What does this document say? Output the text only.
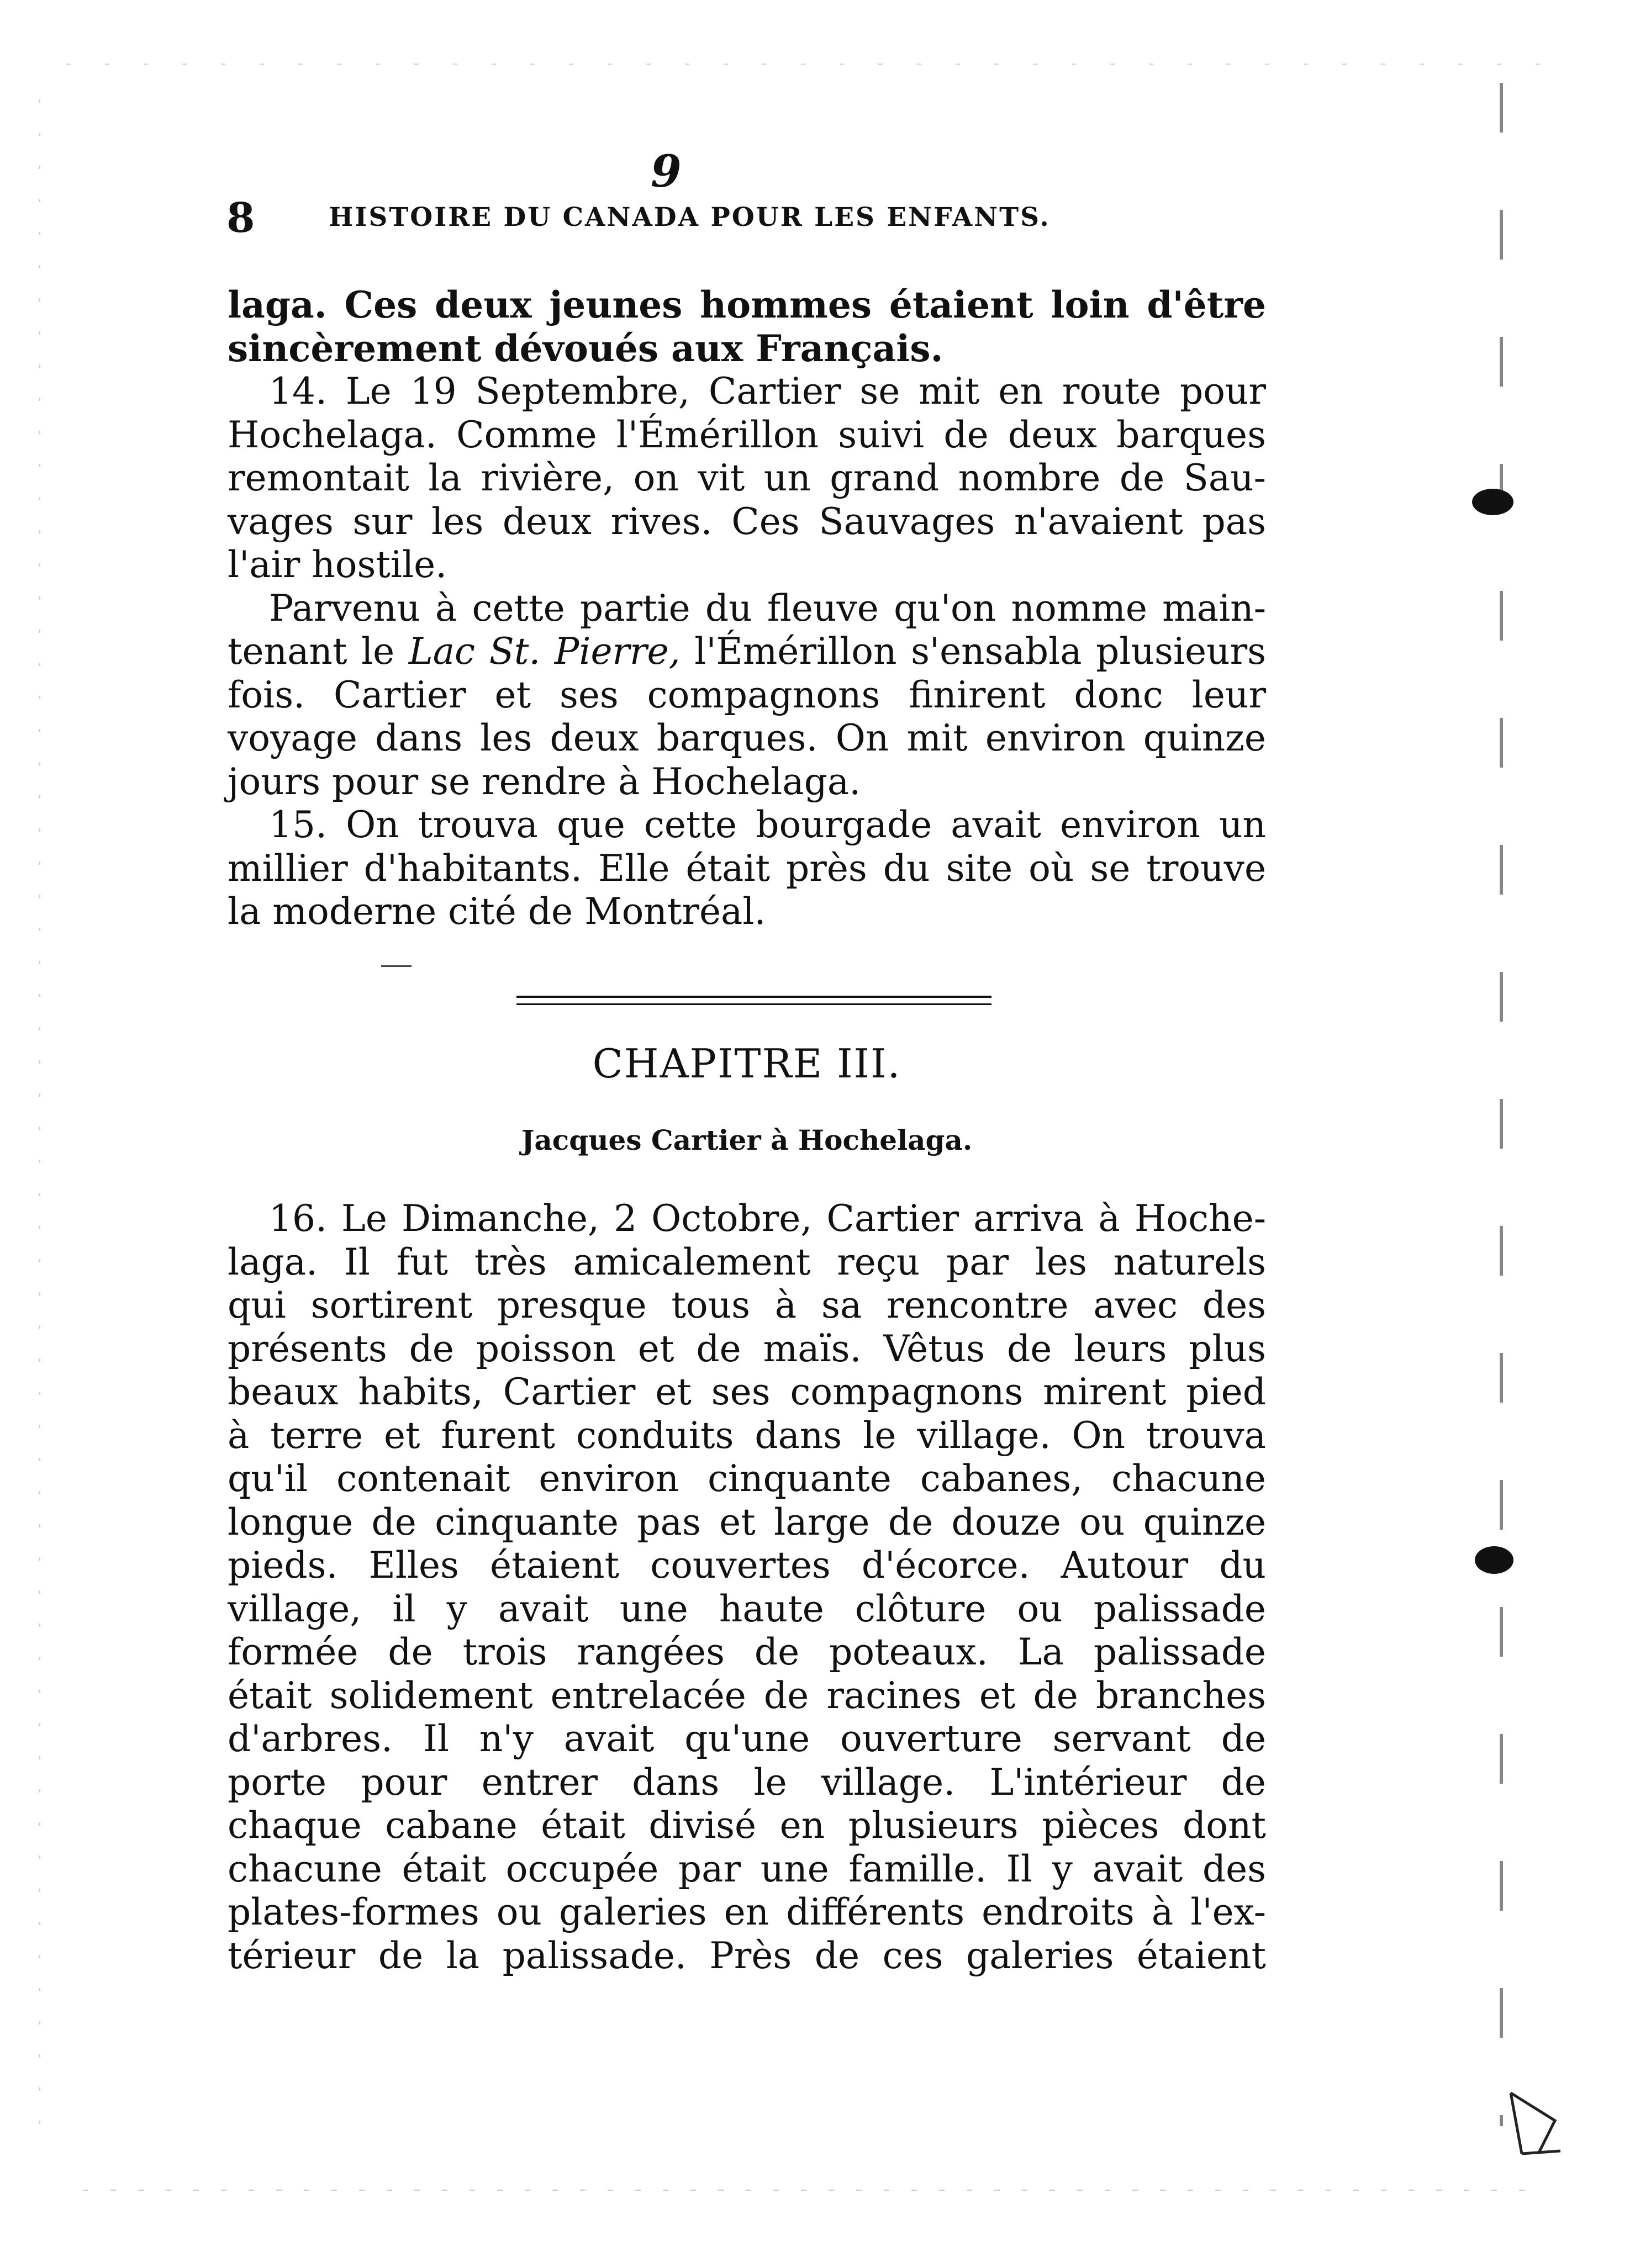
9
8	HISTOIRE DU CANADA POUR LES ENFANTS.
laga. Ces deux jeunes hommes étaient loin d'être
sincèrement dévoués aux Français.
14. Le 19 Septembre, Cartier se mit en route pour
Hochelaga. Comme l'Émérillon suivi de deux barques
remontait la rivière, on vit un grand nombre de Sau-
vages sur les deux rives. Ces Sauvages n'avaient pas
l'air hostile.
Parvenu à cette partie du fleuve qu'on nomme main-
tenant le Lac St. Pierre, l'Émérillon s'ensabla plusieurs
fois. Cartier et ses compagnons finirent donc leur
voyage dans les deux barques. On mit environ quinze
jours pour se rendre à Hochelaga.
15. On trouva que cette bourgade avait environ un
millier d'habitants. Elle était près du site où se trouve
la moderne cité de Montréal.
CHAPITRE III.
Jacques Cartier à Hochelaga.
16. Le Dimanche, 2 Octobre, Cartier arriva à Hoche-
laga. Il fut très amicalement reçu par les naturels
qui sortirent presque tous à sa rencontre avec des
présents de poisson et de maïs. Vêtus de leurs plus
beaux habits, Cartier et ses compagnons mirent pied
à terre et furent conduits dans le village. On trouva
qu'il contenait environ cinquante cabanes, chacune
longue de cinquante pas et large de douze ou quinze
pieds. Elles étaient couvertes d'écorce. Autour du
village, il y avait une haute clôture ou palissade
formée de trois rangées de poteaux. La palissade
était solidement entrelacée de racines et de branches
d'arbres. Il n'y avait qu'une ouverture servant de
porte pour entrer dans le village. L'intérieur de
chaque cabane était divisé en plusieurs pièces dont
chacune était occupée par une famille. Il y avait des
plates-formes ou galeries en différents endroits à l'ex-
térieur de la palissade. Près de ces galeries étaient
